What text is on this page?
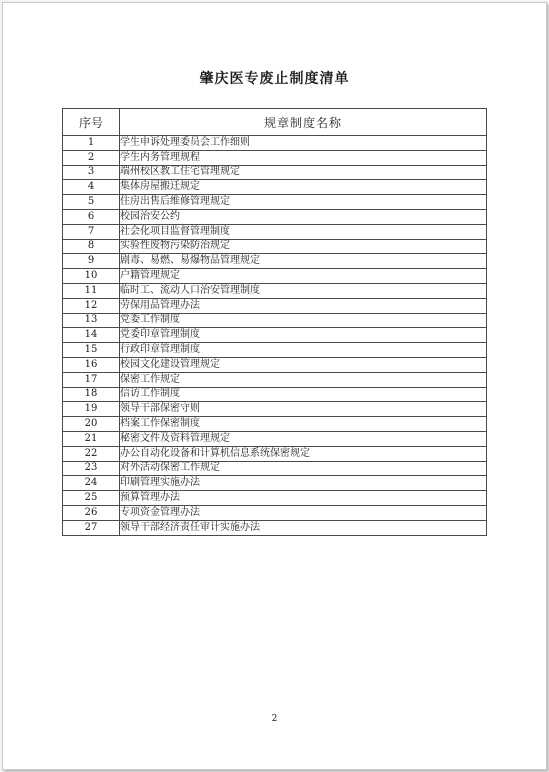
肇庆医专废止制度清单
序号	规章制度名称
1	学生申诉处理委员会工作细则
2	学生内务管理规程
3	端州校区教工住宅管理规定
4	集体房屋搬迁规定
5	住房出售后维修管理规定
6	校园治安公约
7	社会化项目监督管理制度
8	实验性废物污染防治规定
9	剧毒、易燃、易爆物品管理规定
10	户籍管理规定
11	临时工、流动人口治安管理制度
12	劳保用品管理办法
13	党委工作制度
14	党委印章管理制度
15	行政印章管理制度
16	校园文化建设管理规定
17	保密工作规定
18	信访工作制度
19	领导干部保密守则
20	档案工作保密制度
21	秘密文件及资料管理规定
22	办公自动化设备和计算机信息系统保密规定
23	对外活动保密工作规定
24	印刷管理实施办法
25	预算管理办法
26	专项资金管理办法
27	领导干部经济责任审计实施办法
2
